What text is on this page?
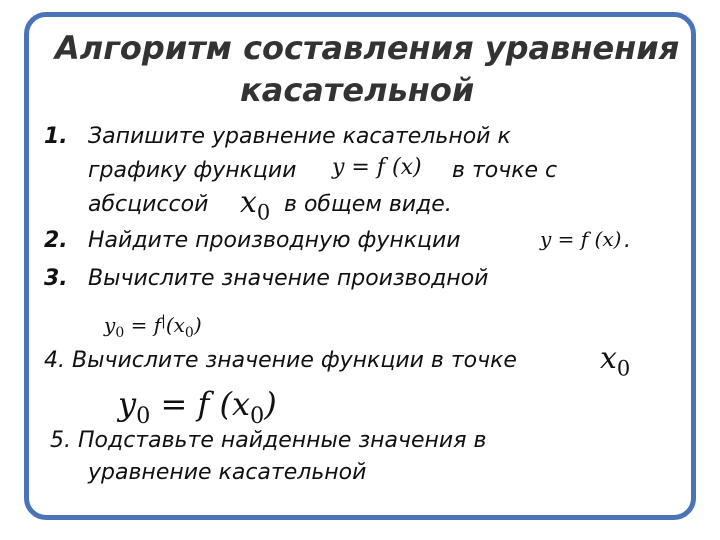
Алгоритм составления уравнения
касательной
1. Запишите уравнение касательной к
графику функции y = f (x) в точке с
абсциссой $x_0$ в общем виде.
2. Найдите производную функции	y = f (x) .
3. Вычислите значение производной
$y_0 = f^|(x_0)$
4. Вычислите значение функции в точке	$x_0$
$y_0 = f$ $(x_0)$
5. Подставьте найденные значения в
уравнение касательной
